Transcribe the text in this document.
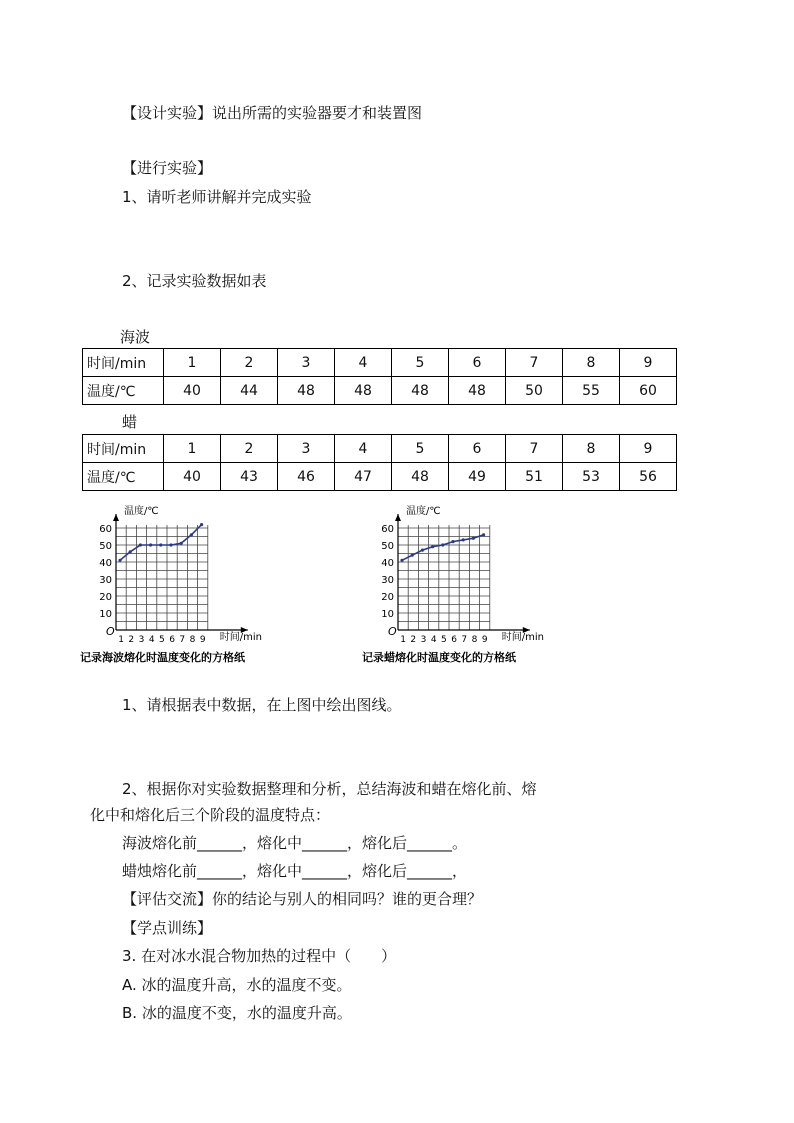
【设计实验】说出所需的实验器要才和装置图
【进行实验】
1、请听老师讲解并完成实验
2、记录实验数据如表
海波
时间/min	1	2	3	4	5	6	7	8	9
温度/℃	40	44	48	48	48	48	50	55	60
蜡
时间/min	1	2	3	4	5	6	7	8	9
温度/℃	40	43	46	47	48	49	51	53	56
10
20
30
40
50
60
O
1 2 3 4 5 6 7 8 9
温度/℃
时间/min
记录海波熔化时温度变化的方格纸
10
20
30
40
50
60
O
1 2 3 4 5 6 7 8 9
温度/℃
时间/min
记录蜡熔化时温度变化的方格纸
1、请根据表中数据，在上图中绘出图线。
2、根据你对实验数据整理和分析，总结海波和蜡在熔化前、熔
化中和熔化后三个阶段的温度特点：
海波熔化前______，熔化中______，熔化后______。
蜡烛熔化前______，熔化中______，熔化后______，
【评估交流】你的结论与别人的相同吗？谁的更合理？
【学点训练】
3. 在对冰水混合物加热的过程中（　　）
A. 冰的温度升高，水的温度不变。
B. 冰的温度不变，水的温度升高。
